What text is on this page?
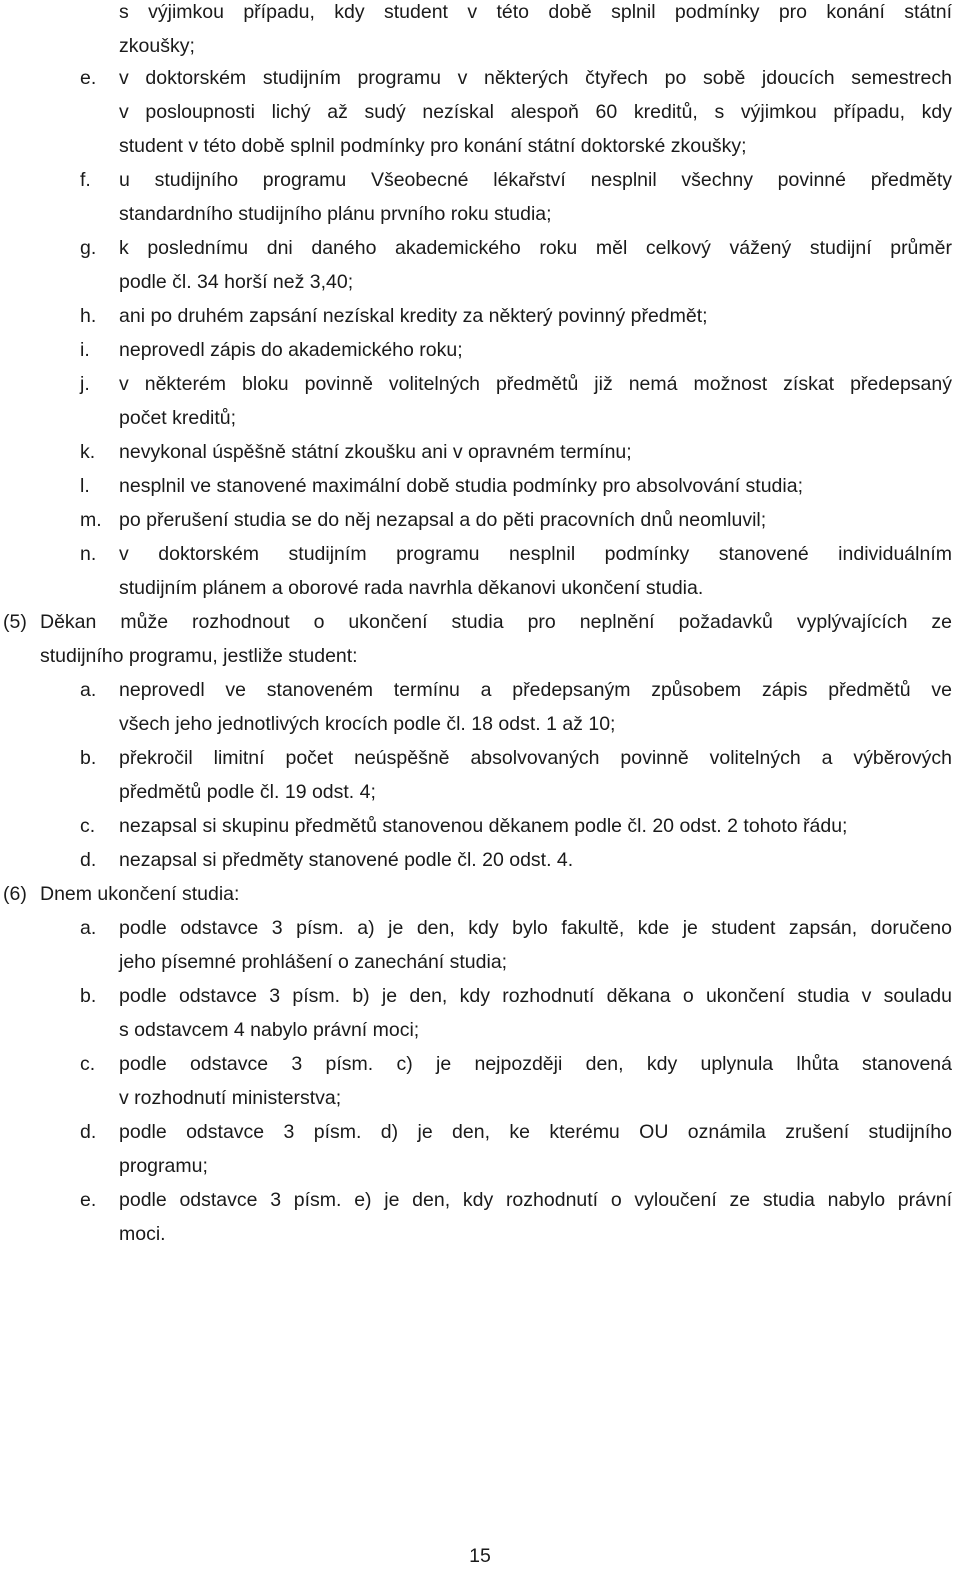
s výjimkou případu, kdy student v této době splnil podmínky pro konání státní
zkoušky;
e. v doktorském studijním programu v některých čtyřech po sobě jdoucích semestrech
v posloupnosti lichý až sudý nezískal alespoň 60 kreditů, s výjimkou případu, kdy
student v této době splnil podmínky pro konání státní doktorské zkoušky;
f. u studijního programu Všeobecné lékařství nesplnil všechny povinné předměty
standardního studijního plánu prvního roku studia;
g. k poslednímu dni daného akademického roku měl celkový vážený studijní průměr
podle čl. 34 horší než 3,40;
h. ani po druhém zapsání nezískal kredity za některý povinný předmět;
i. neprovedl zápis do akademického roku;
j. v některém bloku povinně volitelných předmětů již nemá možnost získat předepsaný
počet kreditů;
k. nevykonal úspěšně státní zkoušku ani v opravném termínu;
l. nesplnil ve stanovené maximální době studia podmínky pro absolvování studia;
m. po přerušení studia se do něj nezapsal a do pěti pracovních dnů neomluvil;
n. v doktorském studijním programu nesplnil podmínky stanovené individuálním
studijním plánem a oborové rada navrhla děkanovi ukončení studia.
(5) Děkan může rozhodnout o ukončení studia pro neplnění požadavků vyplývajících ze
studijního programu, jestliže student:
a. neprovedl ve stanoveném termínu a předepsaným způsobem zápis předmětů ve
všech jeho jednotlivých krocích podle čl. 18 odst. 1 až 10;
b. překročil limitní počet neúspěšně absolvovaných povinně volitelných a výběrových
předmětů podle čl. 19 odst. 4;
c. nezapsal si skupinu předmětů stanovenou děkanem podle čl. 20 odst. 2 tohoto řádu;
d. nezapsal si předměty stanovené podle čl. 20 odst. 4.
(6) Dnem ukončení studia:
a. podle odstavce 3 písm. a) je den, kdy bylo fakultě, kde je student zapsán, doručeno
jeho písemné prohlášení o zanechání studia;
b. podle odstavce 3 písm. b) je den, kdy rozhodnutí děkana o ukončení studia v souladu
s odstavcem 4 nabylo právní moci;
c. podle odstavce 3 písm. c) je nejpozději den, kdy uplynula lhůta stanovená
v rozhodnutí ministerstva;
d. podle odstavce 3 písm. d) je den, ke kterému OU oznámila zrušení studijního
programu;
e. podle odstavce 3 písm. e) je den, kdy rozhodnutí o vyloučení ze studia nabylo právní
moci.
15
